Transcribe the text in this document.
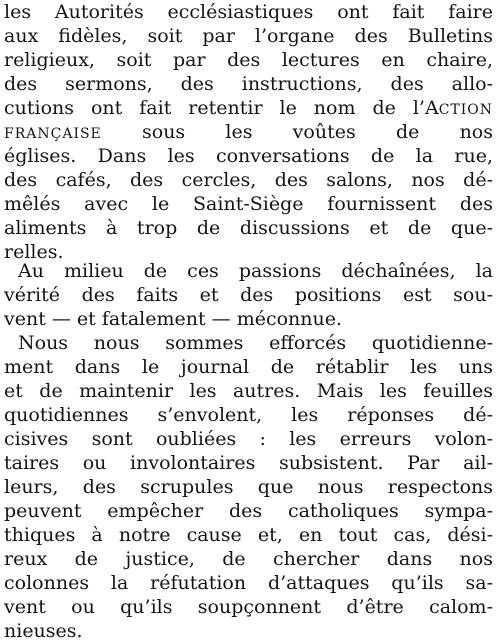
les Autorités ecclésiastiques ont fait faire
aux fidèles, soit par l’organe des Bulletins
religieux, soit par des lectures en chaire,
des sermons, des instructions, des allo-
cutions ont fait retentir le nom de l’ACTION
FRANÇAISE sous les voûtes de nos
églises. Dans les conversations de la rue,
des cafés, des cercles, des salons, nos dé-
mêlés avec le Saint-Siège fournissent des
aliments à trop de discussions et de que-
relles.
Au milieu de ces passions déchaînées, la
vérité des faits et des positions est sou-
vent — et fatalement — méconnue.
Nous nous sommes efforcés quotidienne-
ment dans le journal de rétablir les uns
et de maintenir les autres. Mais les feuilles
quotidiennes s’envolent, les réponses dé-
cisives sont oubliées : les erreurs volon-
taires ou involontaires subsistent. Par ail-
leurs, des scrupules que nous respectons
peuvent empêcher des catholiques sympa-
thiques à notre cause et, en tout cas, dési-
reux de justice, de chercher dans nos
colonnes la réfutation d’attaques qu’ils sa-
vent ou qu’ils soupçonnent d’être calom-
nieuses.
